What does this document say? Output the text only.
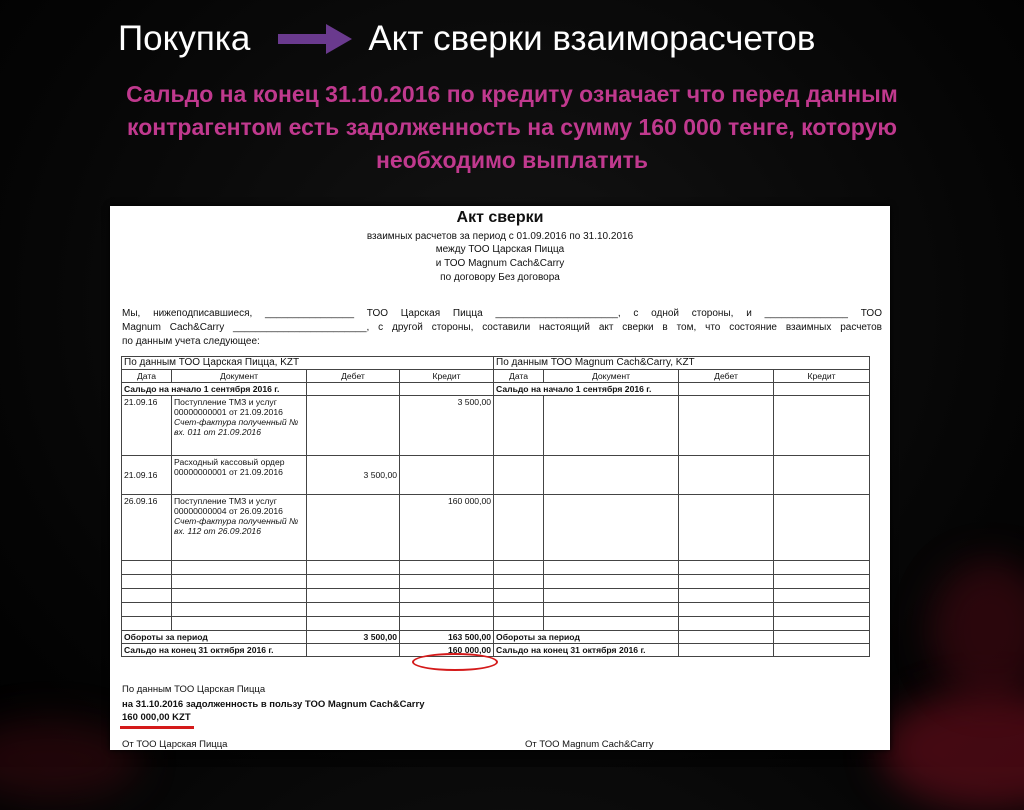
Покупка	Акт сверки взаиморасчетов
Сальдо на конец 31.10.2016 по кредиту означает что перед данным
контрагентом есть задолженность на сумму 160 000 тенге, которую
необходимо выплатить
Акт сверки
взаимных расчетов за период с 01.09.2016 по 31.10.2016
между ТОО Царская Пицца
и ТОО Magnum Cach&Carry
по договору Без договора
Мы, нижеподписавшиеся, ________________ ТОО Царская Пицца ______________________, с одной стороны, и _______________ ТОО
Magnum Cach&Carry ________________________, с другой стороны, составили настоящий акт сверки в том, что состояние взаимных расчетов
по данным учета следующее:
По данным ТОО Царская Пицца, KZT				По данным ТОО Magnum Cach&Carry, KZT			
Дата	Документ	Дебет	Кредит	Дата	Документ	Дебет	Кредит
Сальдо на начало 1 сентября 2016 г.				Сальдо на начало 1 сентября 2016 г.			
21.09.16	Поступление ТМЗ и услуг 00000000001 от 21.09.2016
Счет-фактура полученный № вх. 011 от 21.09.2016		3 500,00				
21.09.16	Расходный кассовый ордер 00000000001 от 21.09.2016	3 500,00					
26.09.16	Поступление ТМЗ и услуг 00000000004 от 26.09.2016
Счет-фактура полученный № вх. 112 от 26.09.2016		160 000,00				

Обороты за период		3 500,00	163 500,00	Обороты за период			
Сальдо на конец 31 октября 2016 г.			160 000,00	Сальдо на конец 31 октября 2016 г.			
По данным ТОО Царская Пицца
на 31.10.2016 задолженность в пользу ТОО Magnum Cach&Carry
160 000,00 KZT
От ТОО Царская Пицца	От ТОО Magnum Cach&Carry
